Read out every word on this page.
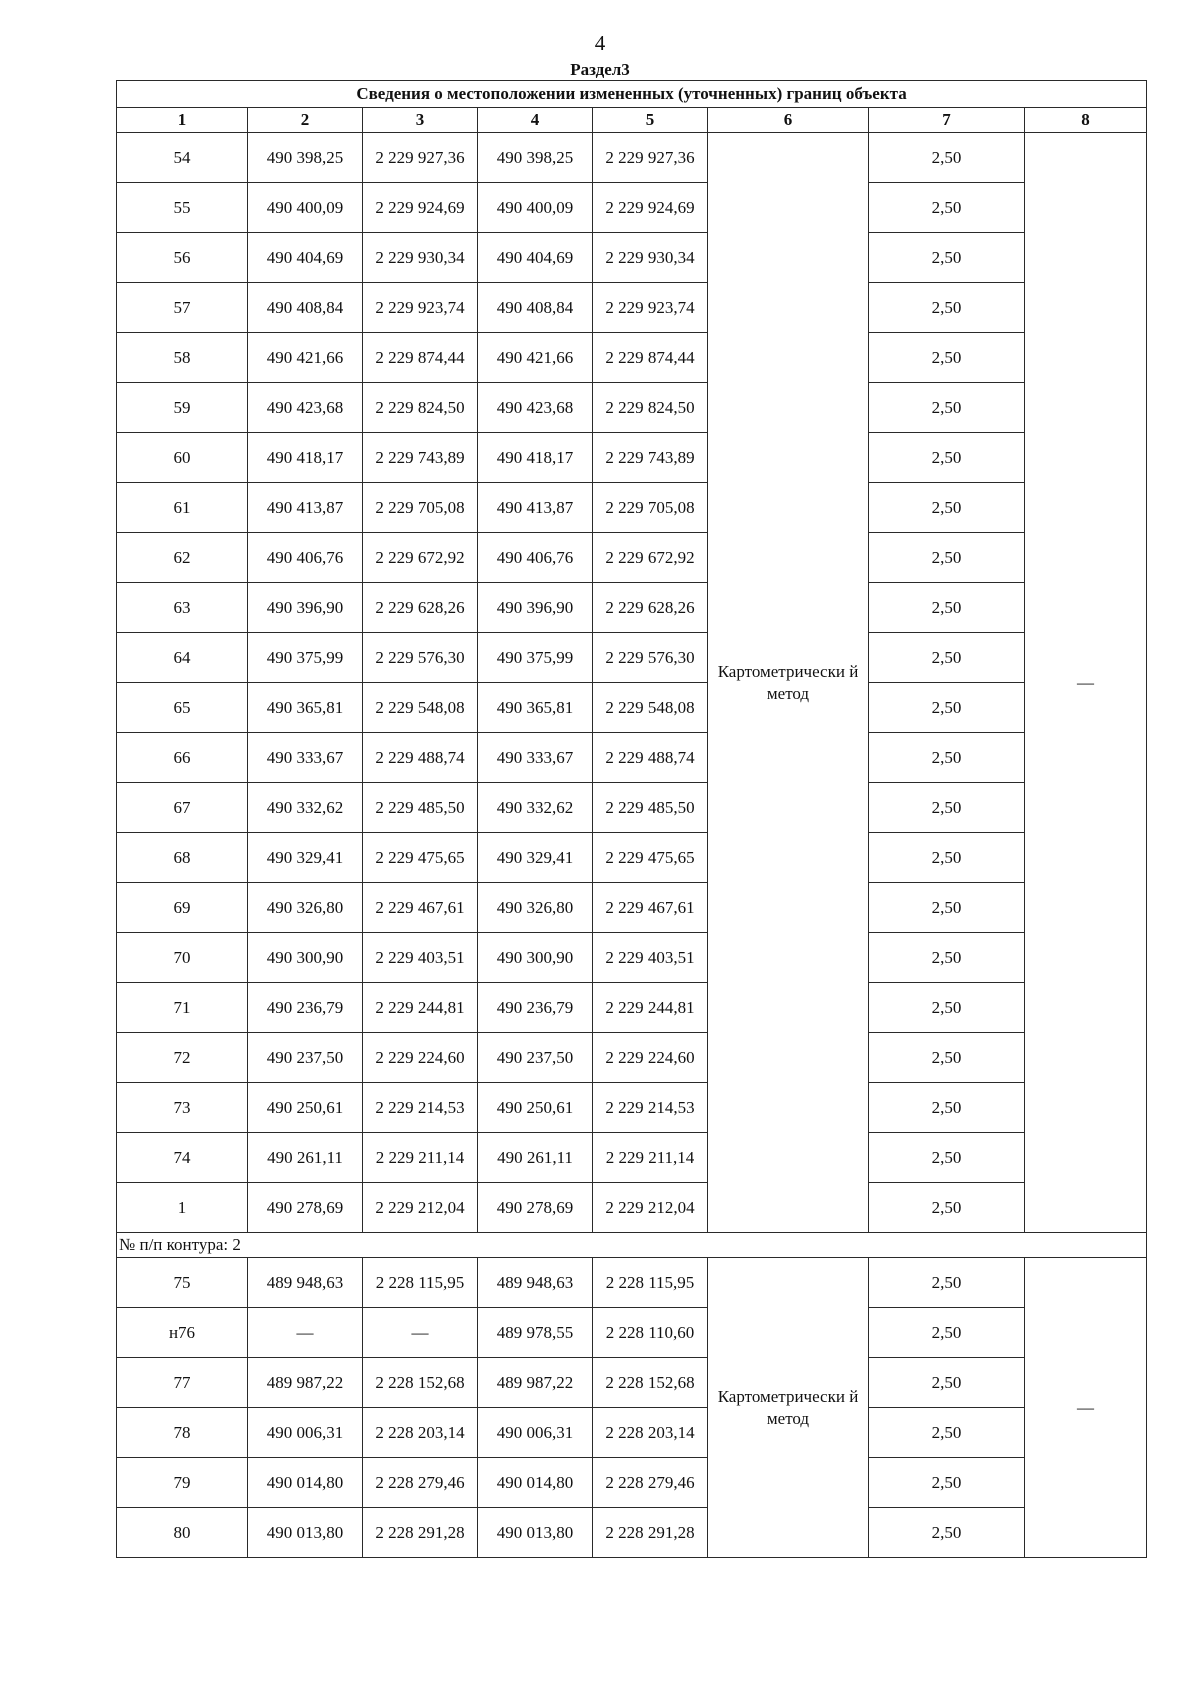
4
Раздел3
Сведения о местоположении измененных (уточненных) границ объекта							
1	2	3	4	5	6	7	8
54	490 398,25	2 229 927,36	490 398,25	2 229 927,36	Картометрически й метод	2,50	—
55	490 400,09	2 229 924,69	490 400,09	2 229 924,69		2,50	
56	490 404,69	2 229 930,34	490 404,69	2 229 930,34		2,50	
57	490 408,84	2 229 923,74	490 408,84	2 229 923,74		2,50	
58	490 421,66	2 229 874,44	490 421,66	2 229 874,44		2,50	
59	490 423,68	2 229 824,50	490 423,68	2 229 824,50		2,50	
60	490 418,17	2 229 743,89	490 418,17	2 229 743,89		2,50	
61	490 413,87	2 229 705,08	490 413,87	2 229 705,08		2,50	
62	490 406,76	2 229 672,92	490 406,76	2 229 672,92		2,50	
63	490 396,90	2 229 628,26	490 396,90	2 229 628,26		2,50	
64	490 375,99	2 229 576,30	490 375,99	2 229 576,30		2,50	
65	490 365,81	2 229 548,08	490 365,81	2 229 548,08		2,50	
66	490 333,67	2 229 488,74	490 333,67	2 229 488,74		2,50	
67	490 332,62	2 229 485,50	490 332,62	2 229 485,50		2,50	
68	490 329,41	2 229 475,65	490 329,41	2 229 475,65		2,50	
69	490 326,80	2 229 467,61	490 326,80	2 229 467,61		2,50	
70	490 300,90	2 229 403,51	490 300,90	2 229 403,51		2,50	
71	490 236,79	2 229 244,81	490 236,79	2 229 244,81		2,50	
72	490 237,50	2 229 224,60	490 237,50	2 229 224,60		2,50	
73	490 250,61	2 229 214,53	490 250,61	2 229 214,53		2,50	
74	490 261,11	2 229 211,14	490 261,11	2 229 211,14		2,50	
1	490 278,69	2 229 212,04	490 278,69	2 229 212,04		2,50	
№ п/п контура: 2							
75	489 948,63	2 228 115,95	489 948,63	2 228 115,95	Картометрически й метод	2,50	—
н76	—	—	489 978,55	2 228 110,60		2,50	
77	489 987,22	2 228 152,68	489 987,22	2 228 152,68		2,50	
78	490 006,31	2 228 203,14	490 006,31	2 228 203,14		2,50	
79	490 014,80	2 228 279,46	490 014,80	2 228 279,46		2,50	
80	490 013,80	2 228 291,28	490 013,80	2 228 291,28		2,50	
